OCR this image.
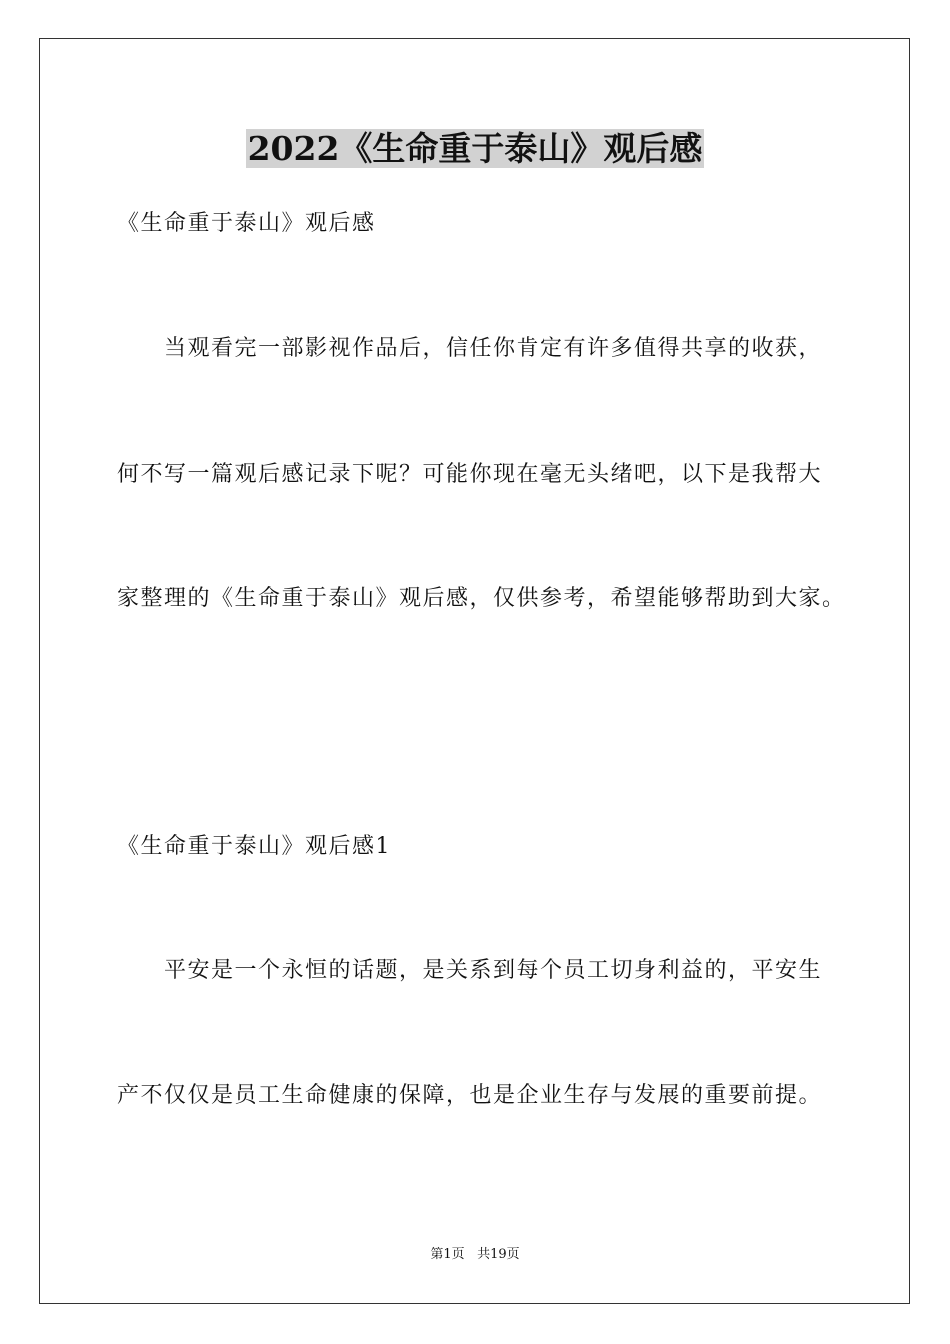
2022《生命重于泰山》观后感

《生命重于泰山》观后感

当观看完一部影视作品后，信任你肯定有许多值得共享的收获，

何不写一篇观后感记录下呢？可能你现在毫无头绪吧，以下是我帮大

家整理的《生命重于泰山》观后感，仅供参考，希望能够帮助到大家。

《生命重于泰山》观后感1

平安是一个永恒的话题，是关系到每个员工切身利益的，平安生

产不仅仅是员工生命健康的保障，也是企业生存与发展的重要前提。

第1页 共19页
